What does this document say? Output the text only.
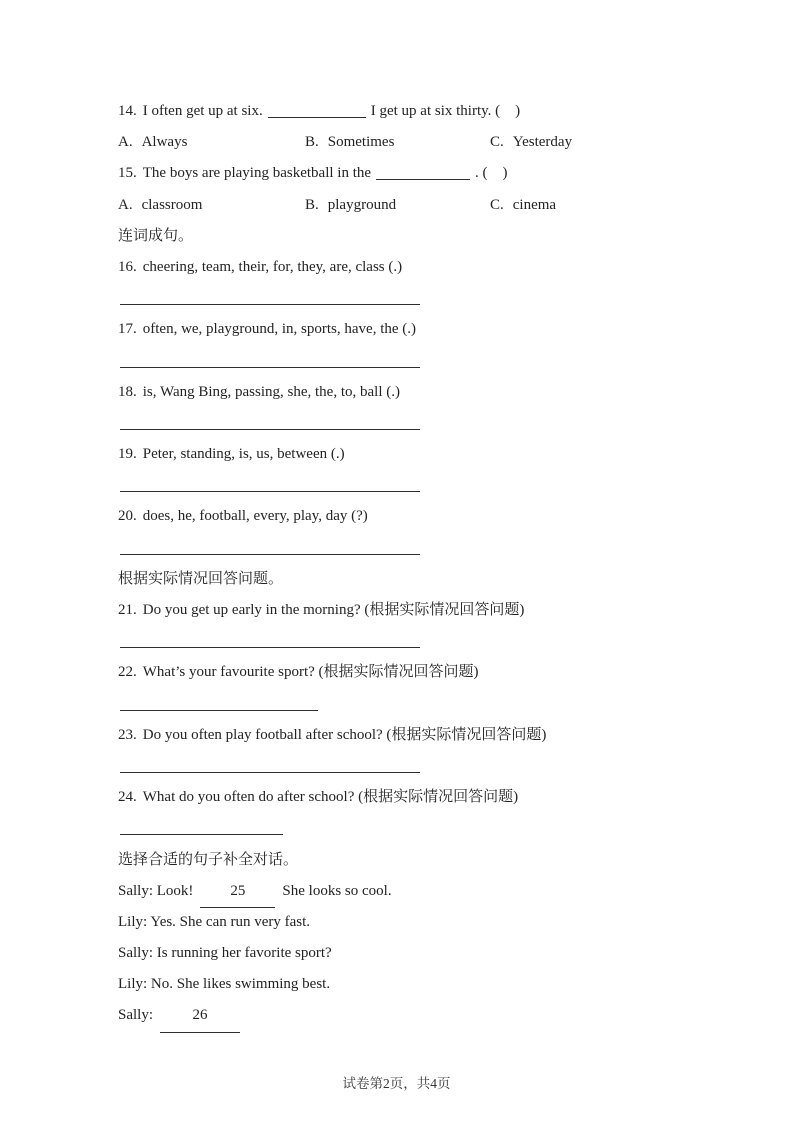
14. I often get up at six.	I get up at six thirty. (    )
A. Always	B. Sometimes	C. Yesterday
15. The boys are playing basketball in the	. (    )
A. classroom	B. playground	C. cinema
连词成句。
16. cheering, team, their, for, they, are, class (.)
17. often, we, playground, in, sports, have, the (.)
18. is, Wang Bing, passing, she, the, to, ball (.)
19. Peter, standing, is, us, between (.)
20. does, he, football, every, play, day (?)
根据实际情况回答问题。
21. Do you get up early in the morning? (根据实际情况回答问题)
22. What’s your favourite sport? (根据实际情况回答问题)
23. Do you often play football after school? (根据实际情况回答问题)
24. What do you often do after school? (根据实际情况回答问题)
选择合适的句子补全对话。
Sally: Look! 25 She looks so cool.
Lily: Yes. She can run very fast.
Sally: Is running her favorite sport?
Lily: No. She likes swimming best.
Sally:	26
试卷第2页，共4页
